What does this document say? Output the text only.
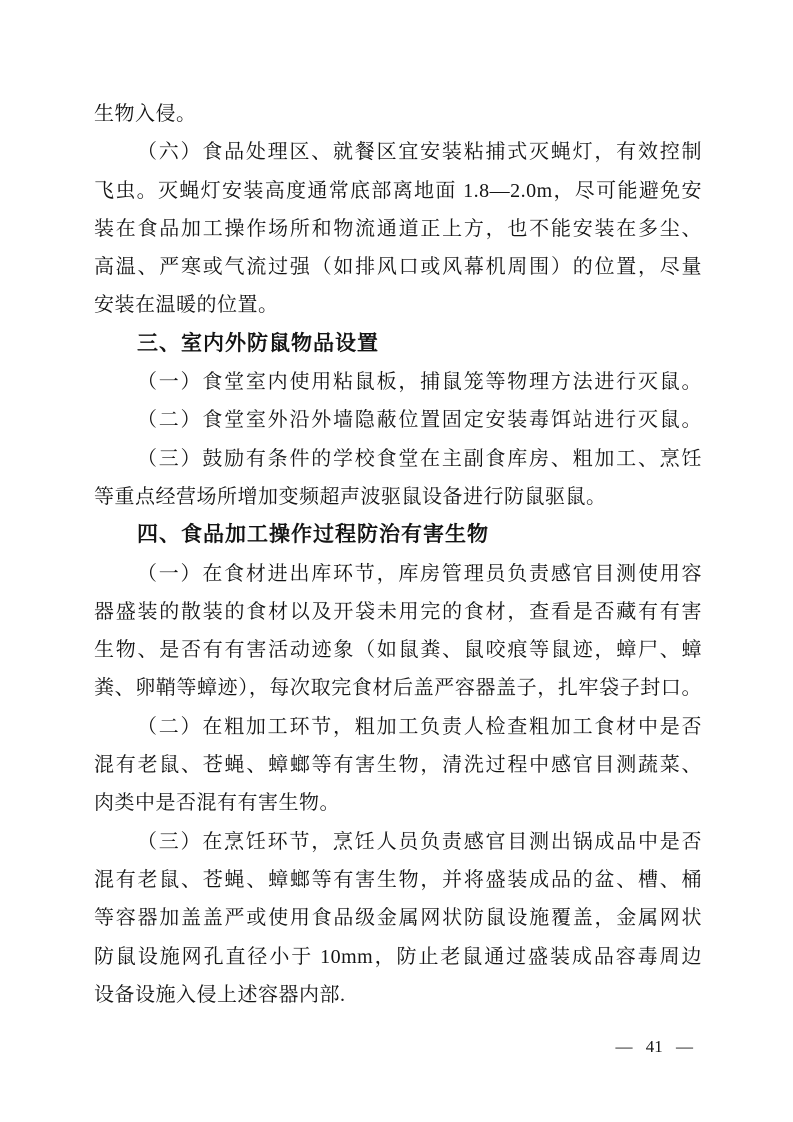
生物入侵。
（六）食品处理区、就餐区宜安装粘捕式灭蝇灯，有效控制
飞虫。灭蝇灯安装高度通常底部离地面 1.8—2.0m，尽可能避免安
装在食品加工操作场所和物流通道正上方，也不能安装在多尘、
高温、严寒或气流过强（如排风口或风幕机周围）的位置，尽量
安装在温暖的位置。
三、室内外防鼠物品设置
（一）食堂室内使用粘鼠板，捕鼠笼等物理方法进行灭鼠。
（二）食堂室外沿外墙隐蔽位置固定安装毒饵站进行灭鼠。
（三）鼓励有条件的学校食堂在主副食库房、粗加工、烹饪
等重点经营场所增加变频超声波驱鼠设备进行防鼠驱鼠。
四、食品加工操作过程防治有害生物
（一）在食材进出库环节，库房管理员负责感官目测使用容
器盛装的散装的食材以及开袋未用完的食材，查看是否藏有有害
生物、是否有有害活动迹象（如鼠粪、鼠咬痕等鼠迹，蟑尸、蟑
粪、卵鞘等蟑迹），每次取完食材后盖严容器盖子，扎牢袋子封口。
（二）在粗加工环节，粗加工负责人检查粗加工食材中是否
混有老鼠、苍蝇、蟑螂等有害生物，清洗过程中感官目测蔬菜、
肉类中是否混有有害生物。
（三）在烹饪环节，烹饪人员负责感官目测出锅成品中是否
混有老鼠、苍蝇、蟑螂等有害生物，并将盛装成品的盆、槽、桶
等容器加盖盖严或使用食品级金属网状防鼠设施覆盖，金属网状
防鼠设施网孔直径小于 10mm，防止老鼠通过盛装成品容毒周边
设备设施入侵上述容器内部.
— 41 —
